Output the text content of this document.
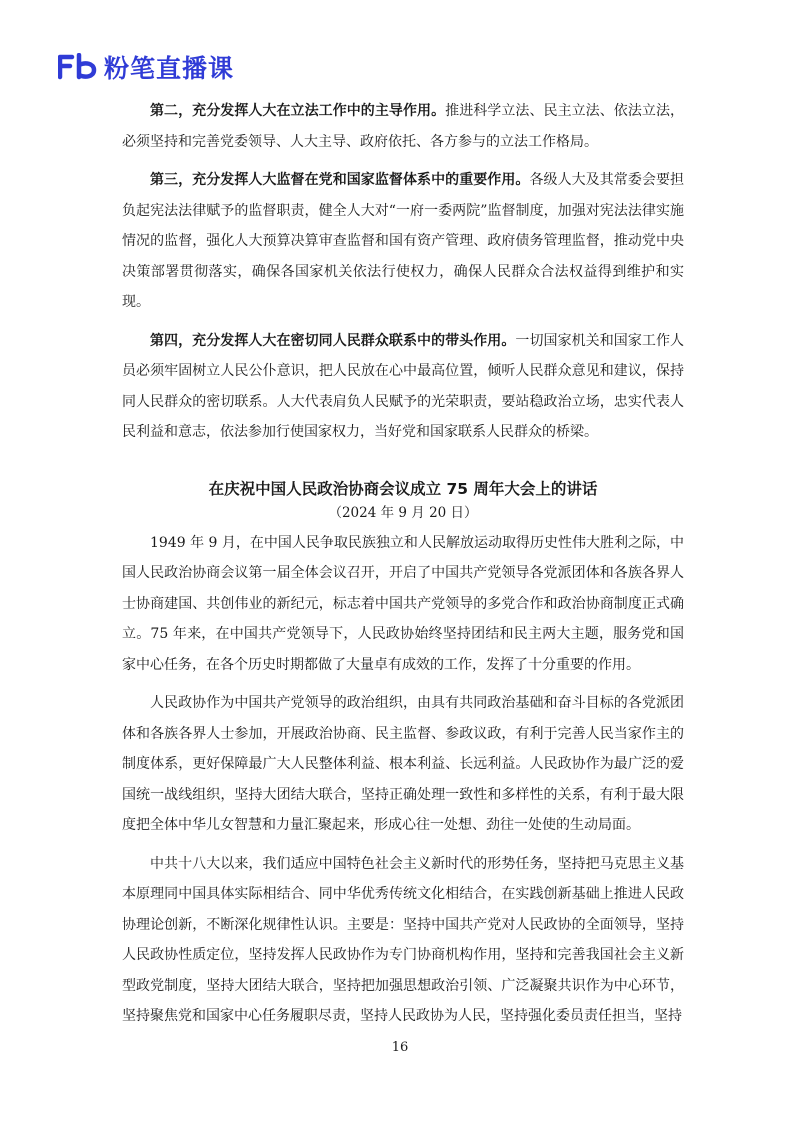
粉笔直播课

第二，充分发挥人大在立法工作中的主导作用。推进科学立法、民主立法、依法立法，必须坚持和完善党委领导、人大主导、政府依托、各方参与的立法工作格局。

第三，充分发挥人大监督在党和国家监督体系中的重要作用。各级人大及其常委会要担负起宪法法律赋予的监督职责，健全人大对“一府一委两院”监督制度，加强对宪法法律实施情况的监督，强化人大预算决算审查监督和国有资产管理、政府债务管理监督，推动党中央决策部署贯彻落实，确保各国家机关依法行使权力，确保人民群众合法权益得到维护和实现。

第四，充分发挥人大在密切同人民群众联系中的带头作用。一切国家机关和国家工作人员必须牢固树立人民公仆意识，把人民放在心中最高位置，倾听人民群众意见和建议，保持同人民群众的密切联系。人大代表肩负人民赋予的光荣职责，要站稳政治立场，忠实代表人民利益和意志，依法参加行使国家权力，当好党和国家联系人民群众的桥梁。

在庆祝中国人民政治协商会议成立 75 周年大会上的讲话
（2024 年 9 月 20 日）

1949 年 9 月，在中国人民争取民族独立和人民解放运动取得历史性伟大胜利之际，中国人民政治协商会议第一届全体会议召开，开启了中国共产党领导各党派团体和各族各界人士协商建国、共创伟业的新纪元，标志着中国共产党领导的多党合作和政治协商制度正式确立。75 年来，在中国共产党领导下，人民政协始终坚持团结和民主两大主题，服务党和国家中心任务，在各个历史时期都做了大量卓有成效的工作，发挥了十分重要的作用。

人民政协作为中国共产党领导的政治组织，由具有共同政治基础和奋斗目标的各党派团体和各族各界人士参加，开展政治协商、民主监督、参政议政，有利于完善人民当家作主的制度体系，更好保障最广大人民整体利益、根本利益、长远利益。人民政协作为最广泛的爱国统一战线组织，坚持大团结大联合，坚持正确处理一致性和多样性的关系，有利于最大限度把全体中华儿女智慧和力量汇聚起来，形成心往一处想、劲往一处使的生动局面。

中共十八大以来，我们适应中国特色社会主义新时代的形势任务，坚持把马克思主义基本原理同中国具体实际相结合、同中华优秀传统文化相结合，在实践创新基础上推进人民政协理论创新，不断深化规律性认识。主要是：坚持中国共产党对人民政协的全面领导，坚持人民政协性质定位，坚持发挥人民政协作为专门协商机构作用，坚持和完善我国社会主义新型政党制度，坚持大团结大联合，坚持把加强思想政治引领、广泛凝聚共识作为中心环节，坚持聚焦党和国家中心任务履职尽责，坚持人民政协为人民，坚持强化委员责任担当，坚持

16
